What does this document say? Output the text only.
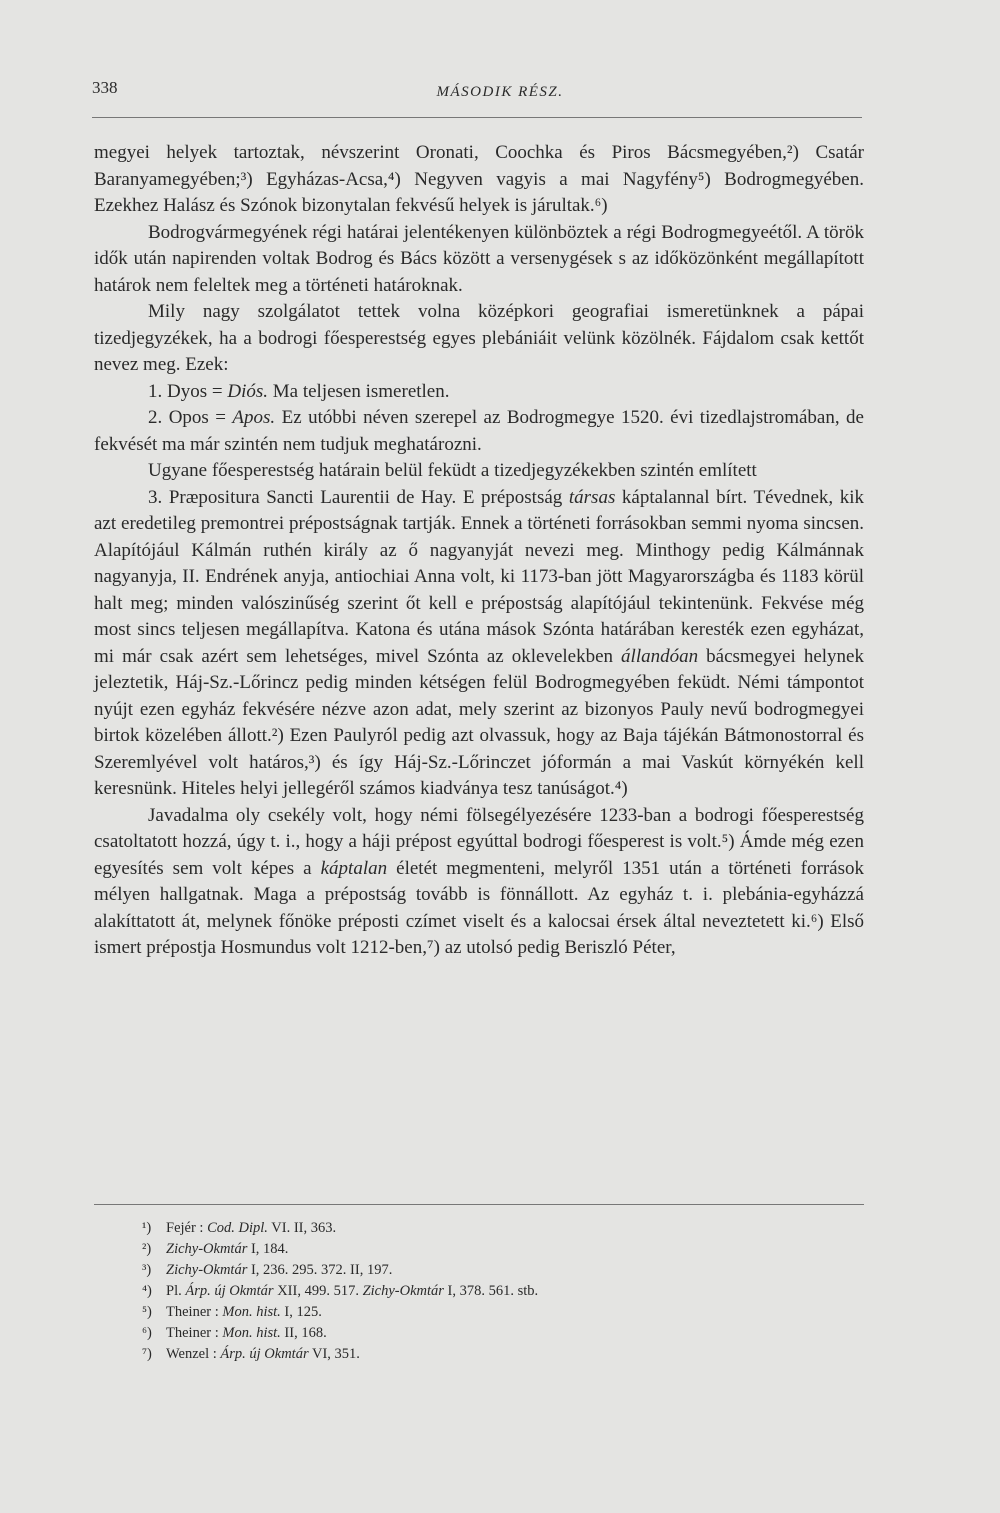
338	MÁSODIK RÉSZ.

megyei helyek tartoztak, névszerint Oronati, Coochka és Piros Bácsmegyében,²) Csatár Baranyamegyében;³) Egyházas-Acsa,⁴) Negyven vagyis a mai Nagyfény⁵) Bodrogmegyében. Ezekhez Halász és Szónok bizonytalan fekvésű helyek is járultak.⁶)

Bodrogvármegyének régi határai jelentékenyen különböztek a régi Bodrogmegyeétől. A török idők után napirenden voltak Bodrog és Bács között a versenygések s az időközönként megállapított határok nem feleltek meg a történeti határoknak.

Mily nagy szolgálatot tettek volna középkori geografiai ismeretünknek a pápai tizedjegyzékek, ha a bodrogi főesperestség egyes plebániáit velünk közölnék. Fájdalom csak kettőt nevez meg. Ezek:

1. Dyos = Diós. Ma teljesen ismeretlen.

2. Opos = Apos. Ez utóbbi néven szerepel az Bodrogmegye 1520. évi tizedlajstromában, de fekvését ma már szintén nem tudjuk meghatározni.

Ugyane főesperestség határain belül feküdt a tizedjegyzékekben szintén említett

3. Præpositura Sancti Laurentii de Hay. E prépostság társas káptalannal bírt. Tévednek, kik azt eredetileg premontrei prépostságnak tartják. Ennek a történeti forrásokban semmi nyoma sincsen. Alapítójául Kálmán ruthén király az ő nagyanyját nevezi meg. Minthogy pedig Kálmánnak nagyanyja, II. Endrének anyja, antiochiai Anna volt, ki 1173-ban jött Magyarországba és 1183 körül halt meg; minden valószinűség szerint őt kell e prépostság alapítójául tekintenünk. Fekvése még most sincs teljesen megállapítva. Katona és utána mások Szónta határában keresték ezen egyházat, mi már csak azért sem lehetséges, mivel Szónta az oklevelekben állandóan bácsmegyei helynek jeleztetik, Háj-Sz.-Lőrincz pedig minden kétségen felül Bodrogmegyében feküdt. Némi támpontot nyújt ezen egyház fekvésére nézve azon adat, mely szerint az bizonyos Pauly nevű bodrogmegyei birtok közelében állott.²) Ezen Paulyról pedig azt olvassuk, hogy az Baja tájékán Bátmonostorral és Szeremlyével volt határos,³) és így Háj-Sz.-Lőrinczet jóformán a mai Vaskút környékén kell keresnünk. Hiteles helyi jellegéről számos kiadványa tesz tanúságot.⁴)

Javadalma oly csekély volt, hogy némi fölsegélyezésére 1233-ban a bodrogi főesperestség csatoltatott hozzá, úgy t. i., hogy a háji prépost egyúttal bodrogi főesperest is volt.⁵) Ámde még ezen egyesítés sem volt képes a káptalan életét megmenteni, melyről 1351 után a történeti források mélyen hallgatnak. Maga a prépostság tovább is fönnállott. Az egyház t. i. plebánia-egyházzá alakíttatott át, melynek főnöke préposti czímet viselt és a kalocsai érsek által neveztetett ki.⁶) Első ismert prépostja Hosmundus volt 1212-ben,⁷) az utolsó pedig Beriszló Péter,

¹) Fejér : Cod. Dipl. VI. II, 363.
²) Zichy-Okmtár I, 184.
³) Zichy-Okmtár I, 236. 295. 372. II, 197.
⁴) Pl. Árp. új Okmtár XII, 499. 517. Zichy-Okmtár I, 378. 561. stb.
⁵) Theiner : Mon. hist. I, 125.
⁶) Theiner : Mon. hist. II, 168.
⁷) Wenzel : Árp. új Okmtár VI, 351.
